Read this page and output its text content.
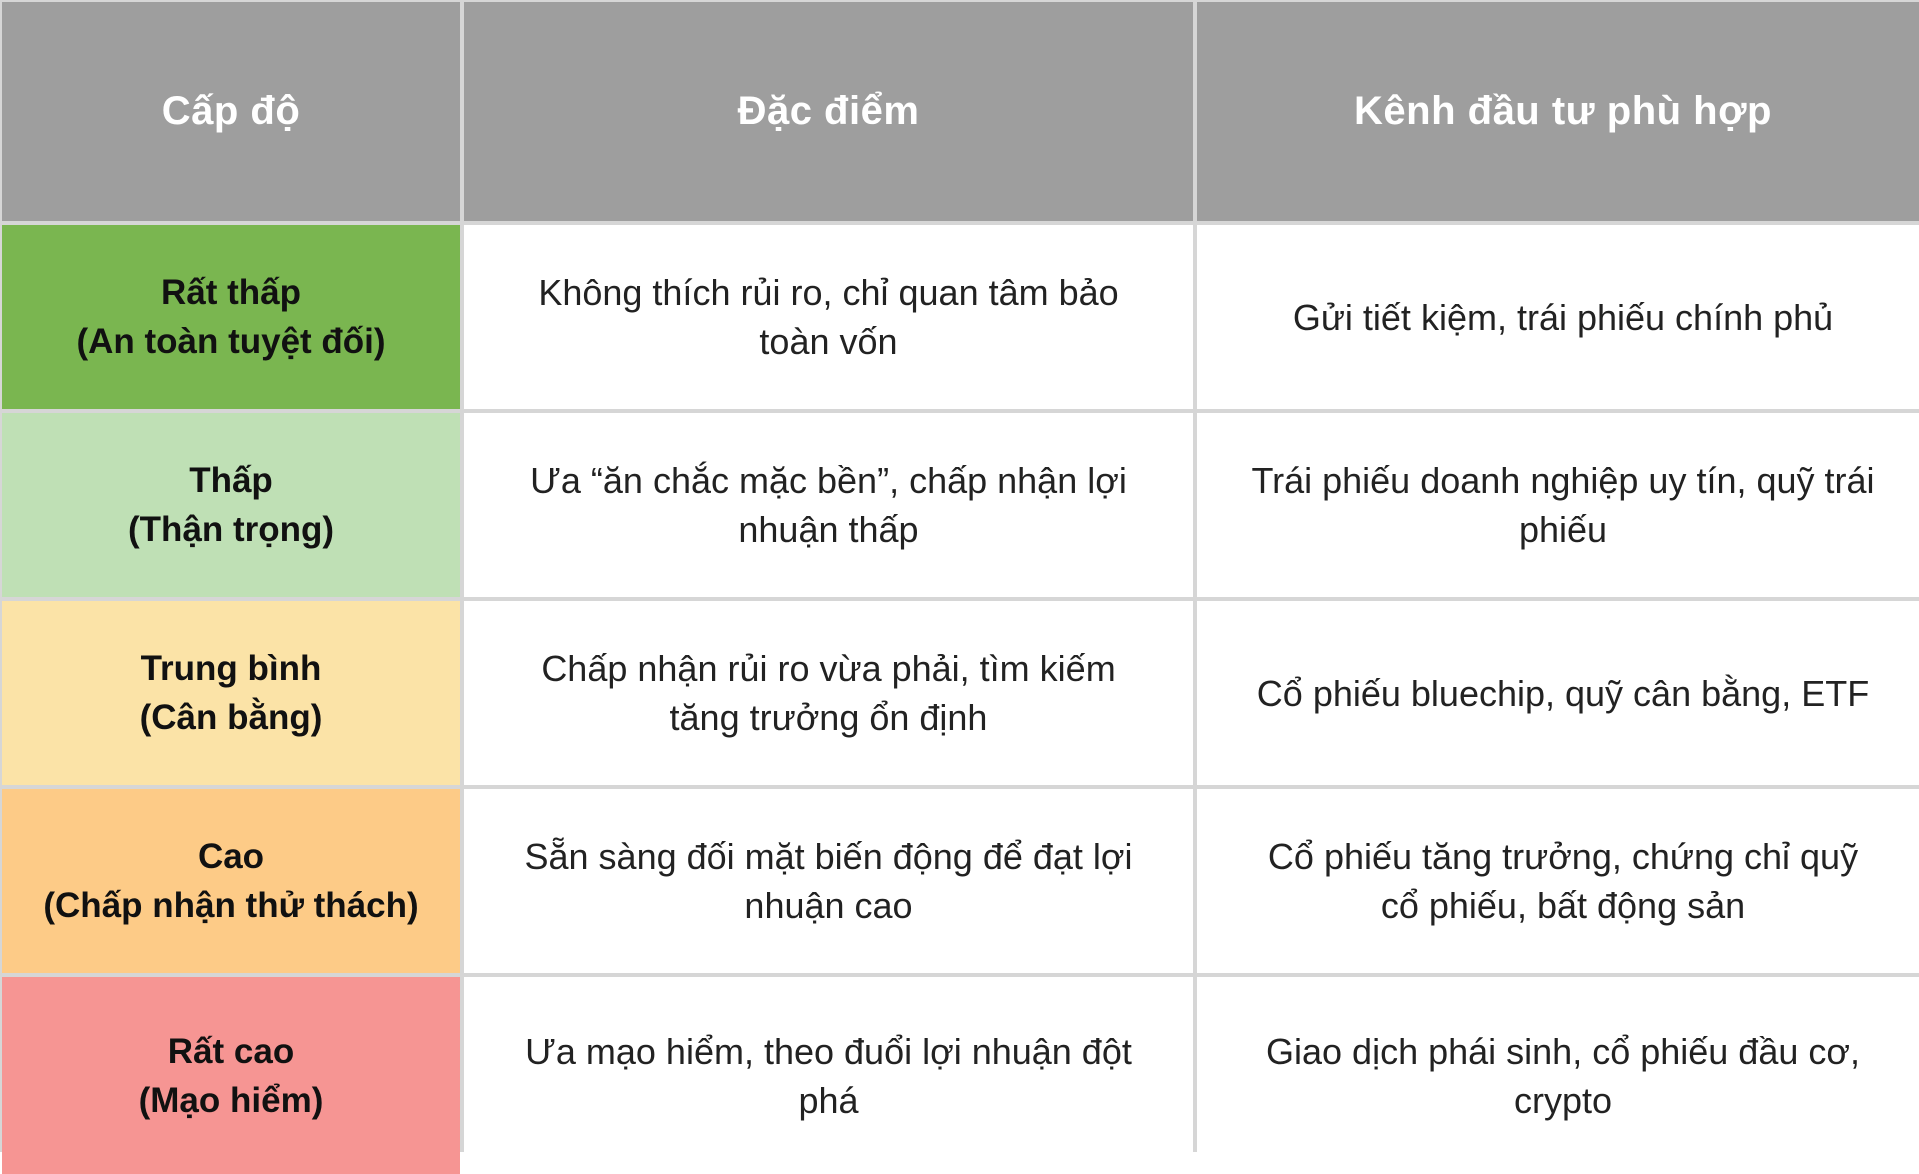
Cấp độ	Đặc điểm	Kênh đầu tư phù hợp
Rất thấp
(An toàn tuyệt đối)
Không thích rủi ro, chỉ quan tâm bảo
toàn vốn
Gửi tiết kiệm, trái phiếu chính phủ
Thấp
(Thận trọng)
Ưa “ăn chắc mặc bền”, chấp nhận lợi
nhuận thấp
Trái phiếu doanh nghiệp uy tín, quỹ trái
phiếu
Trung bình
(Cân bằng)
Chấp nhận rủi ro vừa phải, tìm kiếm
tăng trưởng ổn định
Cổ phiếu bluechip, quỹ cân bằng, ETF
Cao
(Chấp nhận thử thách)
Sẵn sàng đối mặt biến động để đạt lợi
nhuận cao
Cổ phiếu tăng trưởng, chứng chỉ quỹ
cổ phiếu, bất động sản
Rất cao
(Mạo hiểm)
Ưa mạo hiểm, theo đuổi lợi nhuận đột
phá
Giao dịch phái sinh, cổ phiếu đầu cơ,
crypto
